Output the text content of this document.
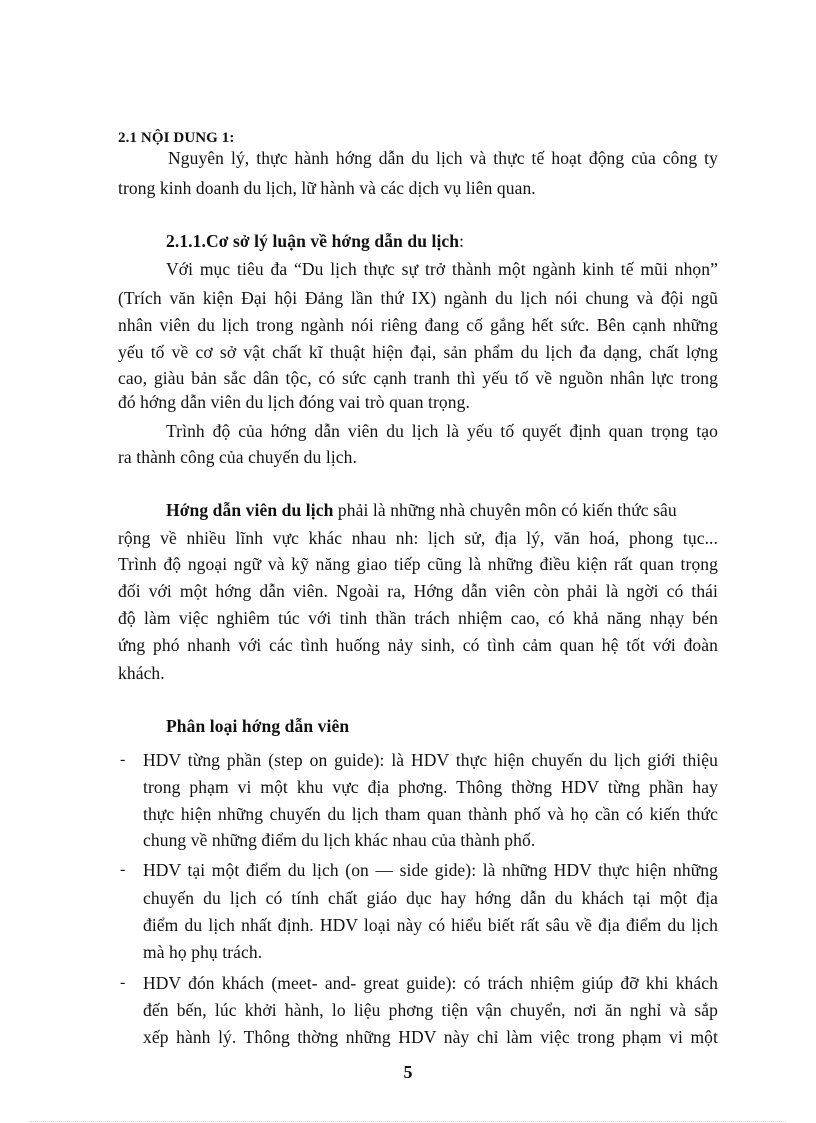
2.1 NỘI DUNG 1:

Nguyên lý, thực hành hớng dẫn du lịch và thực tế hoạt động của công ty

trong kinh doanh du lịch, lữ hành và các dịch vụ liên quan.

2.1.1.Cơ sở lý luận về hớng dẫn du lịch:

Với mục tiêu đa “Du lịch thực sự trở thành một ngành kinh tế mũi nhọn”

(Trích văn kiện Đại hội Đảng lần thứ IX) ngành du lịch nói chung và đội ngũ

nhân viên du lịch trong ngành nói riêng đang cố gắng hết sức. Bên cạnh những

yếu tố về cơ sở vật chất kĩ thuật hiện đại, sản phẩm du lịch đa dạng, chất lợng

cao, giàu bản sắc dân tộc, có sức cạnh tranh thì yếu tố về nguồn nhân lực trong

đó hớng dẫn viên du lịch đóng vai trò quan trọng.

Trình độ của hớng dẫn viên du lịch là yếu tố quyết định quan trọng tạo

ra thành công của chuyến du lịch.

Hớng dẫn viên du lịch phải là những nhà chuyên môn có kiến thức sâu

rộng về nhiều lĩnh vực khác nhau nh: lịch sử, địa lý, văn hoá, phong tục...

Trình độ ngoại ngữ và kỹ năng giao tiếp cũng là những điều kiện rất quan trọng

đối với một hớng dẫn viên. Ngoài ra, Hớng dẫn viên còn phải là ngời có thái

độ làm việc nghiêm túc với tinh thần trách nhiệm cao, có khả năng nhạy bén

ứng phó nhanh với các tình huống nảy sinh, có tình cảm quan hệ tốt với đoàn

khách.

Phân loại hớng dẫn viên

- HDV từng phần (step on guide): là HDV thực hiện chuyến du lịch giới thiệu

trong phạm vi một khu vực địa phơng. Thông thờng HDV từng phần hay

thực hiện những chuyến du lịch tham quan thành phố và họ cần có kiến thức

chung về những điểm du lịch khác nhau của thành phố.

- HDV tại một điểm du lịch (on — side gide): là những HDV thực hiện những

chuyến du lịch có tính chất giáo dục hay hớng dẫn du khách tại một địa

điểm du lịch nhất định. HDV loại này có hiểu biết rất sâu về địa điểm du lịch

mà họ phụ trách.

- HDV đón khách (meet- and- great guide): có trách nhiệm giúp đỡ khi khách

đến bến, lúc khởi hành, lo liệu phơng tiện vận chuyển, nơi ăn nghỉ và sắp

xếp hành lý. Thông thờng những HDV này chỉ làm việc trong phạm vi một

5
